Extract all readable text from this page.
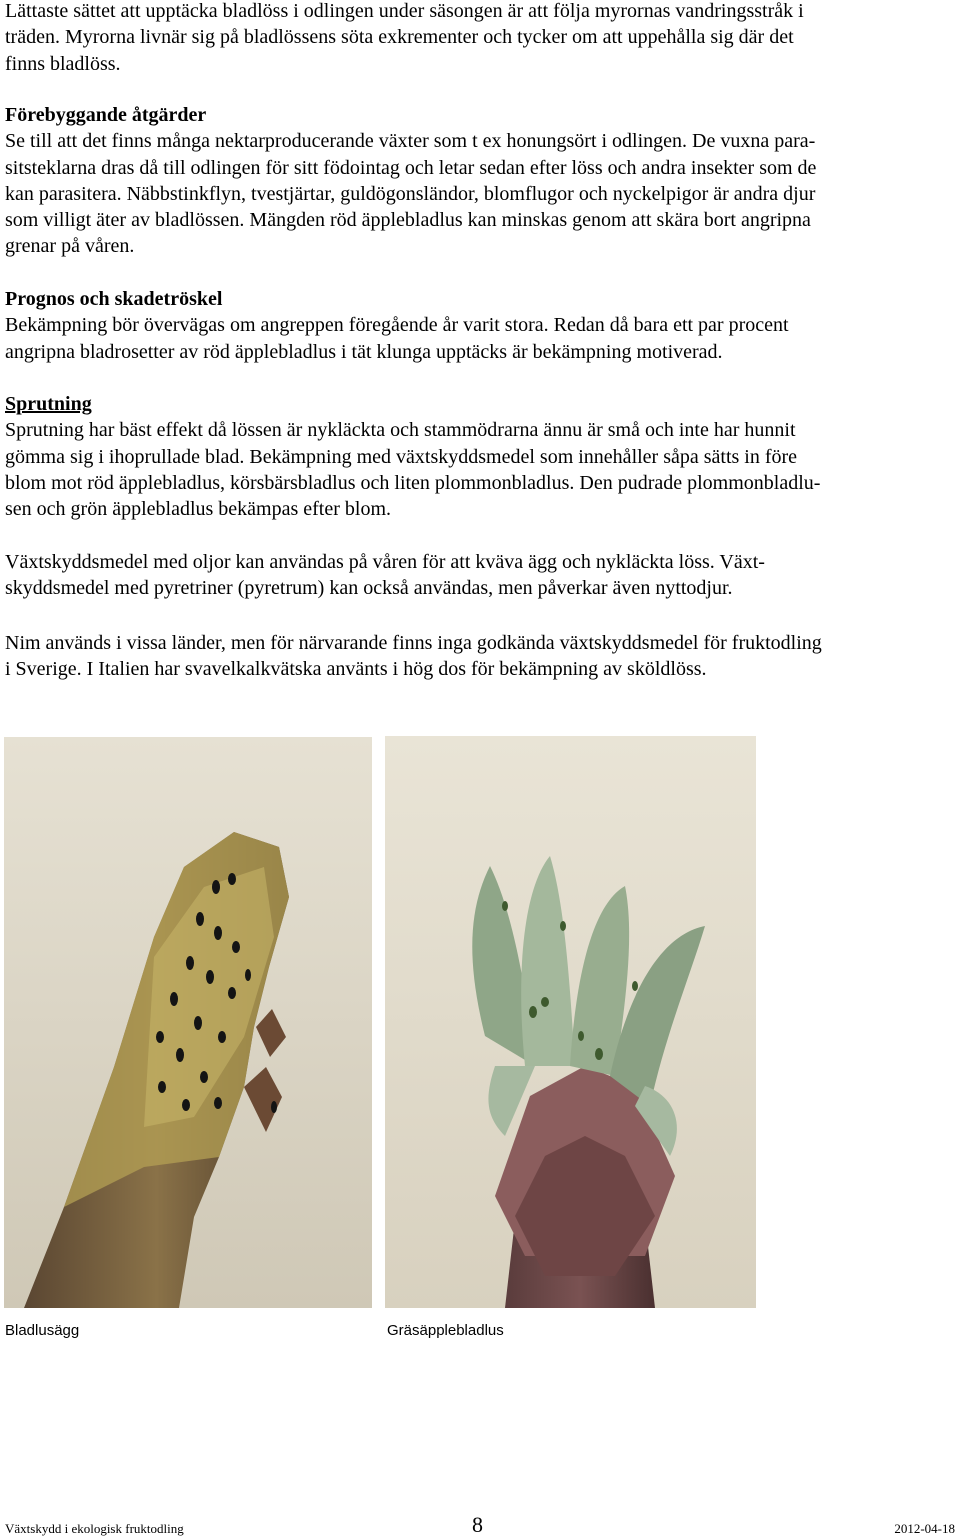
Lättaste sättet att upptäcka bladlöss i odlingen under säsongen är att följa myrornas vandringsstråk i
träden. Myrorna livnär sig på bladlössens söta exkrementer och tycker om att uppehålla sig där det
finns bladlöss.
Förebyggande åtgärder
Se till att det finns många nektarproducerande växter som t ex honungsört i odlingen. De vuxna para-
sitsteklarna dras då till odlingen för sitt födointag och letar sedan efter löss och andra insekter som de
kan parasitera. Näbbstinkflyn, tvestjärtar, guldögonsländor, blomflugor och nyckelpigor är andra djur
som villigt äter av bladlössen. Mängden röd äpplebladlus kan minskas genom att skära bort angripna
grenar på våren.
Prognos och skadetröskel
Bekämpning bör övervägas om angreppen föregående år varit stora. Redan då bara ett par procent
angripna bladrosetter av röd äpplebladlus i tät klunga upptäcks är bekämpning motiverad.
Sprutning
Sprutning har bäst effekt då lössen är nykläckta och stammödrarna ännu är små och inte har hunnit
gömma sig i ihoprullade blad. Bekämpning med växtskyddsmedel som innehåller såpa sätts in före
blom mot röd äpplebladlus, körsbärsbladlus och liten plommonbladlus. Den pudrade plommonbladlu-
sen och grön äpplebladlus bekämpas efter blom.
Växtskyddsmedel med oljor kan användas på våren för att kväva ägg och nykläckta löss. Växt-
skyddsmedel med pyretriner (pyretrum) kan också användas, men påverkar även nyttodjur.
Nim används i vissa länder, men för närvarande finns inga godkända växtskyddsmedel för fruktodling
i Sverige. I Italien har svavelkalkvätska använts i hög dos för bekämpning av sköldlöss.
Bladlusägg	Gräsäpplebladlus
Växtskydd i ekologisk fruktodling	8	2012-04-18
